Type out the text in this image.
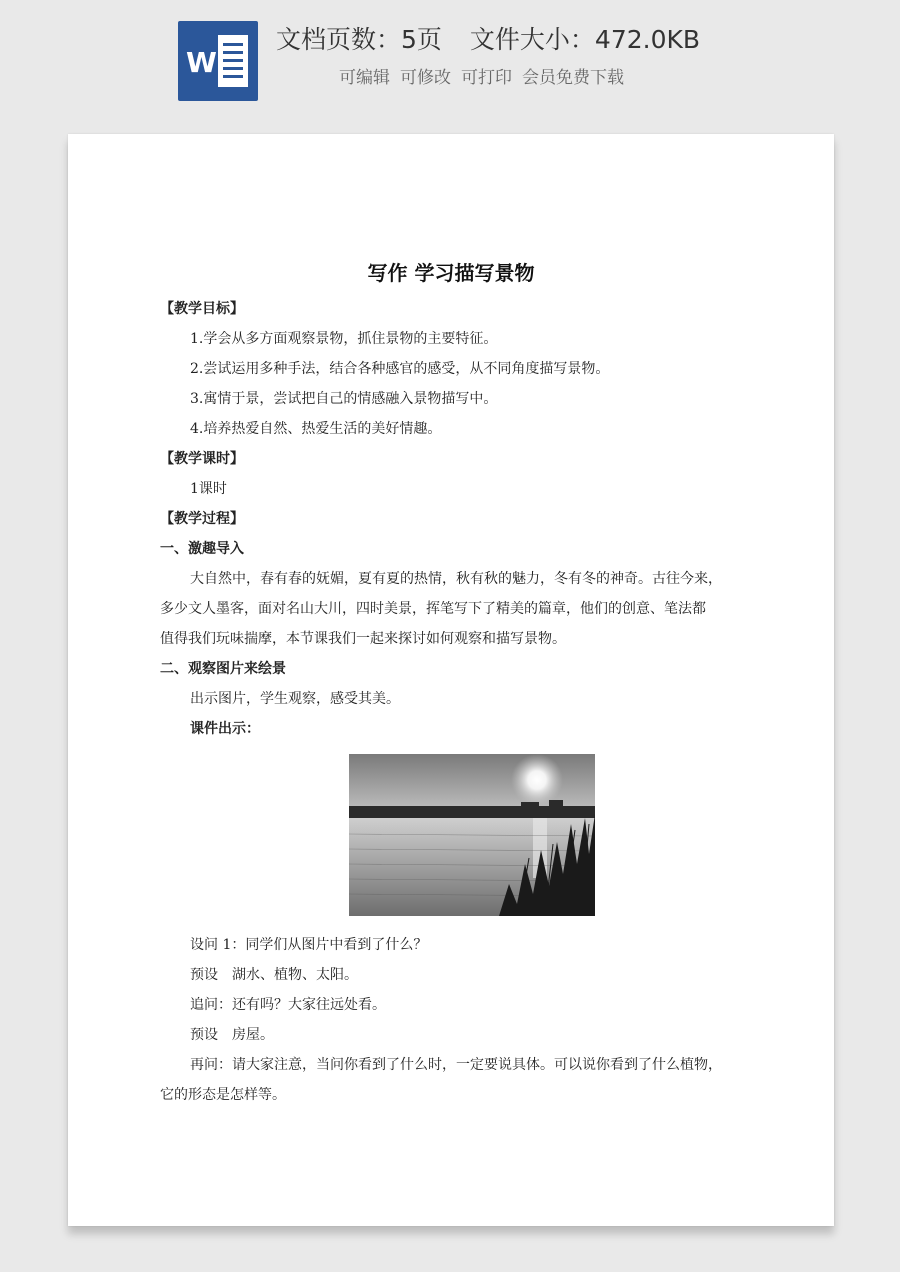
W
文档页数：5页 文件大小：472.0KB
可编辑 可修改 可打印 会员免费下载
写作 学习描写景物
【教学目标】
1.学会从多方面观察景物，抓住景物的主要特征。
2.尝试运用多种手法，结合各种感官的感受，从不同角度描写景物。
3.寓情于景，尝试把自己的情感融入景物描写中。
4.培养热爱自然、热爱生活的美好情趣。
【教学课时】
1课时
【教学过程】
一、激趣导入
大自然中，春有春的妩媚，夏有夏的热情，秋有秋的魅力，冬有冬的神奇。古往今来，
多少文人墨客，面对名山大川，四时美景，挥笔写下了精美的篇章，他们的创意、笔法都
值得我们玩味揣摩，本节课我们一起来探讨如何观察和描写景物。
二、观察图片来绘景
出示图片，学生观察，感受其美。
课件出示：
设问 1：同学们从图片中看到了什么？
预设　湖水、植物、太阳。
追问：还有吗？大家往远处看。
预设　房屋。
再问：请大家注意，当问你看到了什么时，一定要说具体。可以说你看到了什么植物，
它的形态是怎样等。
